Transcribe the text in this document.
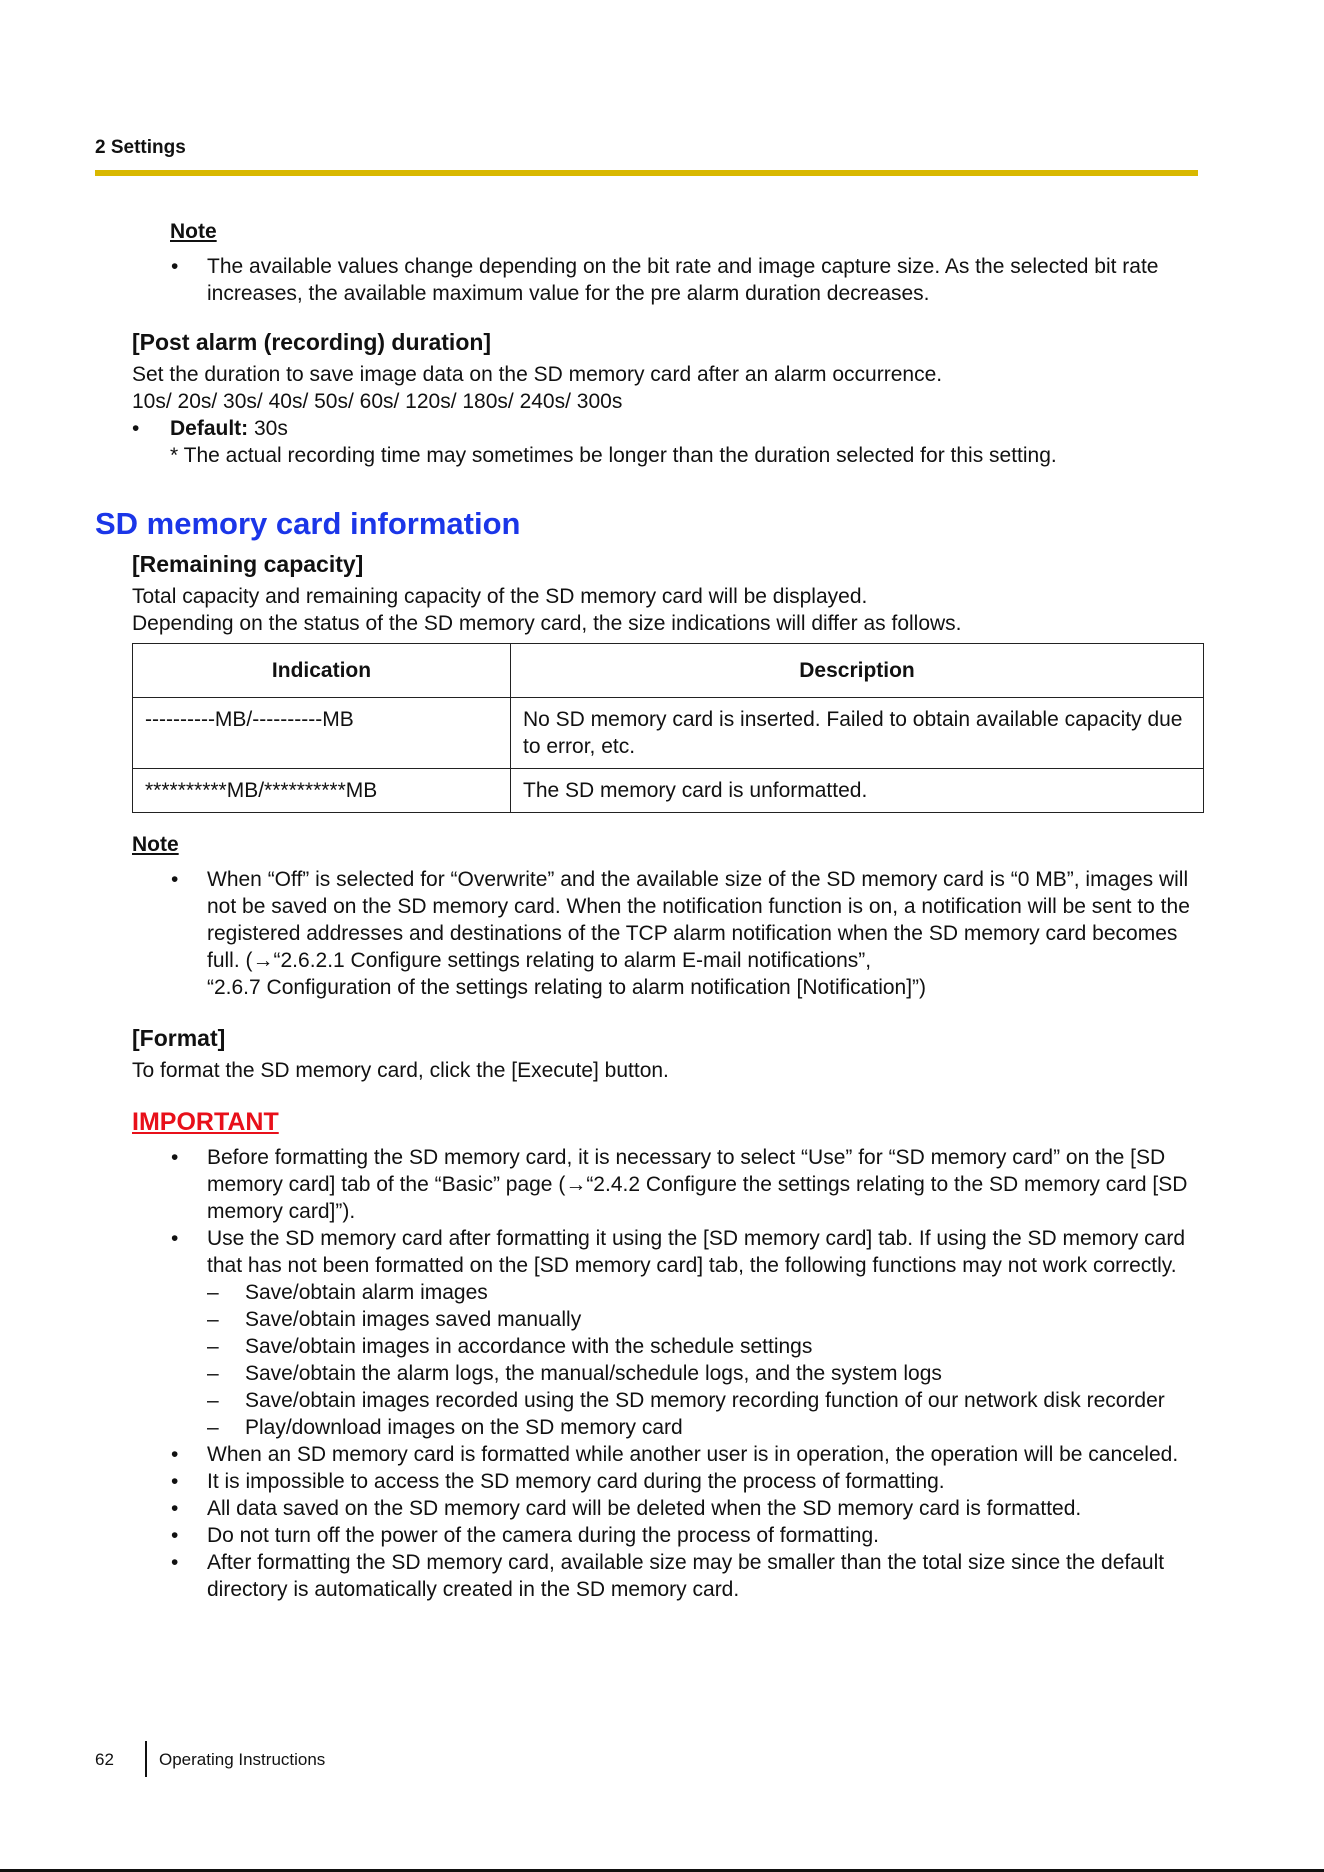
2 Settings
Note
• The available values change depending on the bit rate and image capture size. As the selected bit rate increases, the available maximum value for the pre alarm duration decreases.
[Post alarm (recording) duration]

Set the duration to save image data on the SD memory card after an alarm occurrence.

10s/ 20s/ 30s/ 40s/ 50s/ 60s/ 120s/ 180s/ 240s/ 300s

• Default: 30s

* The actual recording time may sometimes be longer than the duration selected for this setting.

SD memory card information
[Remaining capacity]

Total capacity and remaining capacity of the SD memory card will be displayed.

Depending on the status of the SD memory card, the size indications will differ as follows.

Indication	Description
----------MB/----------MB	No SD memory card is inserted. Failed to obtain available capacity due to error, etc.
**********MB/**********MB	The SD memory card is unformatted.
Note
• When “Off” is selected for “Overwrite” and the available size of the SD memory card is “0 MB”, images will not be saved on the SD memory card. When the notification function is on, a notification will be sent to the registered addresses and destinations of the TCP alarm notification when the SD memory card becomes full. (→“2.6.2.1 Configure settings relating to alarm E-mail notifications”,
“2.6.7 Configuration of the settings relating to alarm notification [Notification]”)
[Format]

To format the SD memory card, click the [Execute] button.

IMPORTANT
• Before formatting the SD memory card, it is necessary to select “Use” for “SD memory card” on the [SD memory card] tab of the “Basic” page (→“2.4.2 Configure the settings relating to the SD memory card [SD memory card]”).
• Use the SD memory card after formatting it using the [SD memory card] tab. If using the SD memory card that has not been formatted on the [SD memory card] tab, the following functions may not work correctly.
– Save/obtain alarm images
– Save/obtain images saved manually
– Save/obtain images in accordance with the schedule settings
– Save/obtain the alarm logs, the manual/schedule logs, and the system logs
– Save/obtain images recorded using the SD memory recording function of our network disk recorder
– Play/download images on the SD memory card
• When an SD memory card is formatted while another user is in operation, the operation will be canceled.
• It is impossible to access the SD memory card during the process of formatting.
• All data saved on the SD memory card will be deleted when the SD memory card is formatted.
• Do not turn off the power of the camera during the process of formatting.
• After formatting the SD memory card, available size may be smaller than the total size since the default directory is automatically created in the SD memory card.
62	Operating Instructions
